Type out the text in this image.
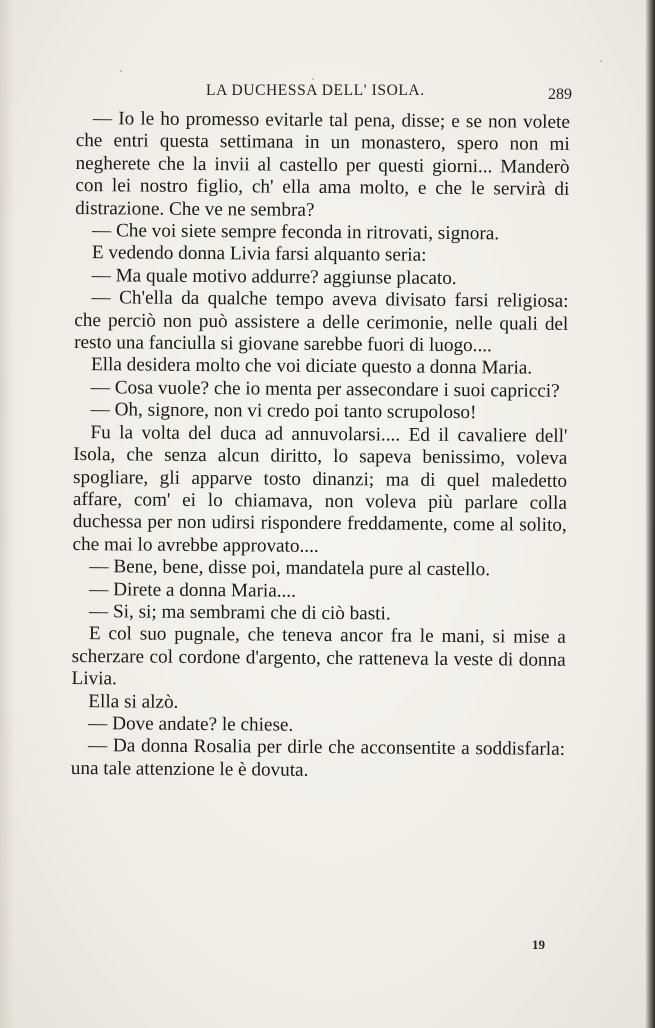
LA DUCHESSA DELL' ISOLA.	289

— Io le ho promesso evitarle tal pena, disse; e se non volete che entri questa settimana in un monastero, spero non mi negherete che la invii al castello per questi giorni... Manderò con lei nostro figlio, ch' ella ama molto, e che le servirà di distrazione. Che ve ne sembra?

— Che voi siete sempre feconda in ritrovati, signora.

E vedendo donna Livia farsi alquanto seria:

— Ma quale motivo addurre? aggiunse placato.

— Ch'ella da qualche tempo aveva divisato farsi religiosa: che perciò non può assistere a delle cerimonie, nelle quali del resto una fanciulla si giovane sarebbe fuori di luogo....

Ella desidera molto che voi diciate questo a donna Maria.

— Cosa vuole? che io menta per assecondare i suoi capricci?

— Oh, signore, non vi credo poi tanto scrupoloso!

Fu la volta del duca ad annuvolarsi.... Ed il cavaliere dell' Isola, che senza alcun diritto, lo sapeva benissimo, voleva spogliare, gli apparve tosto dinanzi; ma di quel maledetto affare, com' ei lo chiamava, non voleva più parlare colla duchessa per non udirsi rispondere freddamente, come al solito, che mai lo avrebbe approvato....

— Bene, bene, disse poi, mandatela pure al castello.

— Direte a donna Maria....

— Si, si; ma sembrami che di ciò basti.

E col suo pugnale, che teneva ancor fra le mani, si mise a scherzare col cordone d'argento, che ratteneva la veste di donna Livia.

Ella si alzò.

— Dove andate? le chiese.

— Da donna Rosalia per dirle che acconsentite a soddisfarla: una tale attenzione le è dovuta.

19
